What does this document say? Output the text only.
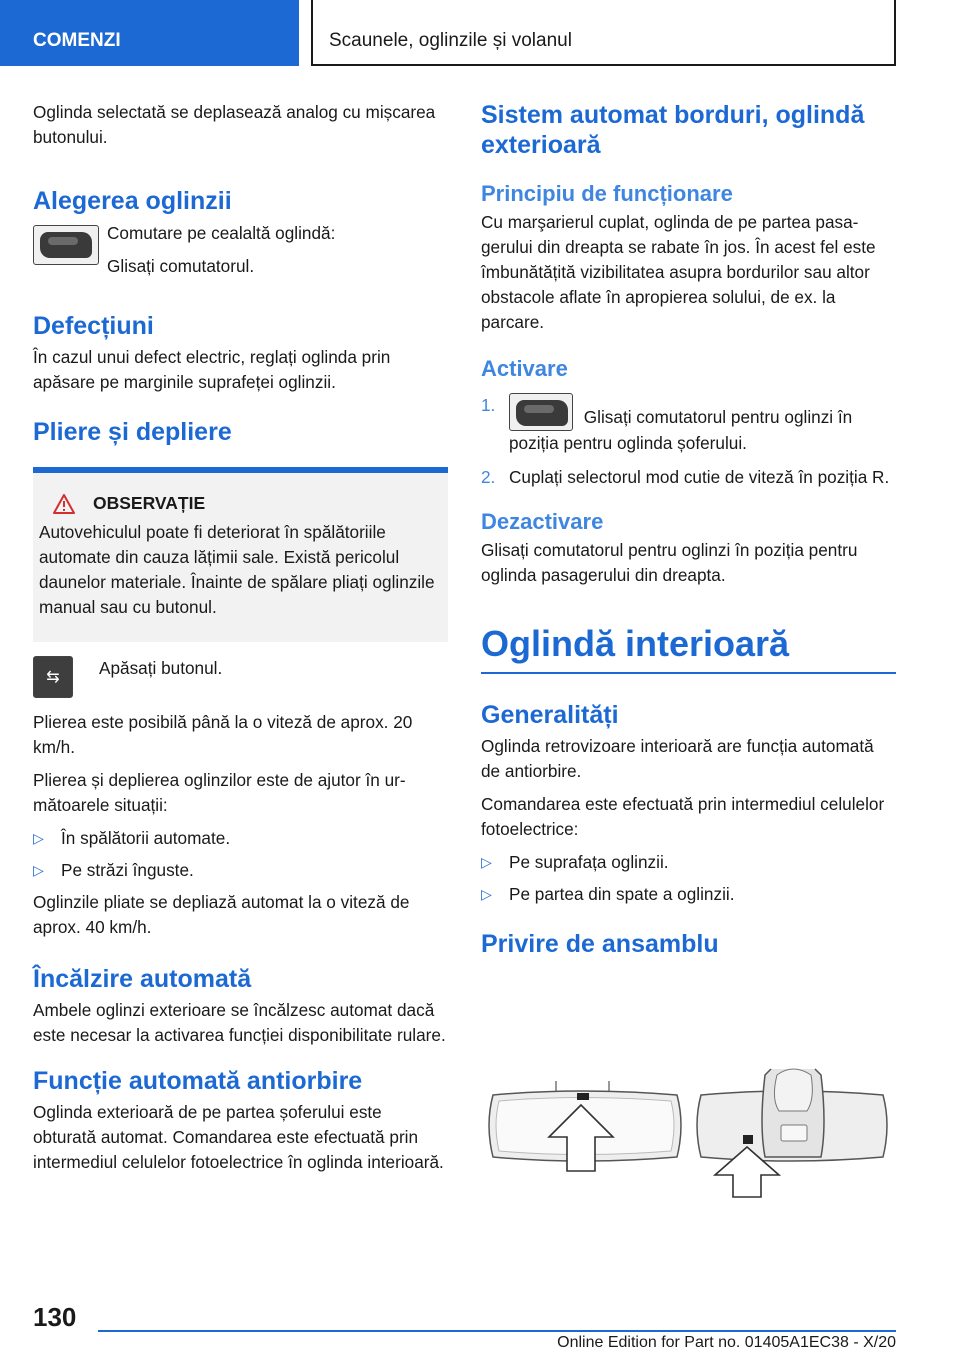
COMENZI	Scaunele, oglinzile și volanul

Oglinda selectată se deplasează analog cu mișcarea butonului.

Alegerea oglinzii

Comutare pe cealaltă oglindă:

Glisați comutatorul.

Defecțiuni

În cazul unui defect electric, reglați oglinda prin apăsare pe marginile suprafeței oglinzii.

Pliere și depliere
OBSERVAȚIE

Autovehiculul poate fi deteriorat în spălătoriile automate din cauza lățimii sale. Există pericolul daunelor materiale. Înainte de spălare pliați oglinzile manual sau cu butonul.

⇆ Apăsați butonul.

Plierea este posibilă până la o viteză de aprox. 20 km/h.

Plierea și deplierea oglinzilor este de ajutor în următoarele situații:

▷	În spălătorii automate.
▷	Pe străzi înguste.

Oglinzile pliate se depliază automat la o viteză de aprox. 40 km/h.

Încălzire automată

Ambele oglinzi exterioare se încălzesc automat dacă este necesar la activarea funcției disponibilitate rulare.

Funcție automată antiorbire

Oglinda exterioară de pe partea șoferului este obturată automat. Comandarea este efectuată prin intermediul celulelor fotoelectrice în oglinda interioară.

Sistem automat borduri, oglindă exterioară
Principiu de funcționare

Cu marşarierul cuplat, oglinda de pe partea pasagerului din dreapta se rabate în jos. În acest fel este îmbunătățită vizibilitatea asupra bordurilor sau altor obstacole aflate în apropierea solului, de ex. la parcare.

Activare
1.
Glisați comutatorul pentru oglinzi în poziția pentru oglinda șoferului.
2. Cuplați selectorul mod cutie de viteză în poziția R.
Dezactivare

Glisați comutatorul pentru oglinzi în poziția pentru oglinda pasagerului din dreapta.

Oglindă interioară
Generalități

Oglinda retrovizoare interioară are funcția automată de antiorbire.

Comandarea este efectuată prin intermediul celulelor fotoelectrice:

▷	Pe suprafața oglinzii.
▷	Pe partea din spate a oglinzii.
Privire de ansamblu
130
Online Edition for Part no. 01405A1EC38 - X/20
